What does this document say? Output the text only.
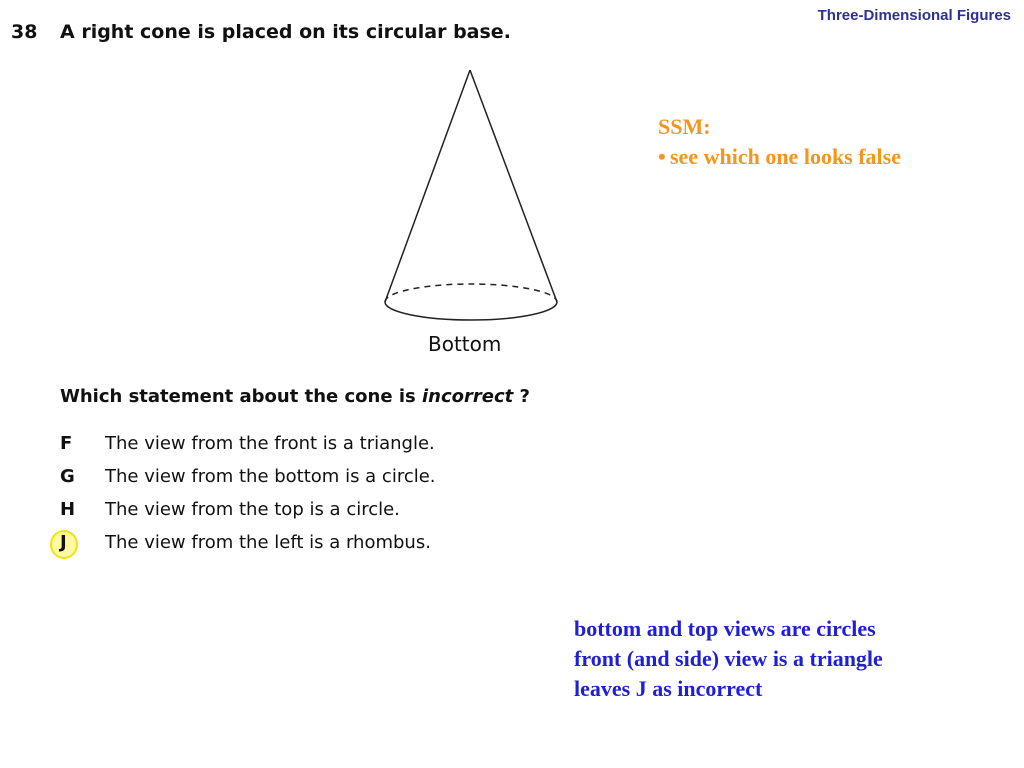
Three-Dimensional Figures
38 A right cone is placed on its circular base.
Bottom
Which statement about the cone is incorrect ?
F	The view from the front is a triangle.
G The view from the bottom is a circle.
H The view from the top is a circle.
J	The view from the left is a rhombus.
SSM:
• see which one looks false
bottom and top views are circles
front (and side) view is a triangle
leaves J as incorrect
